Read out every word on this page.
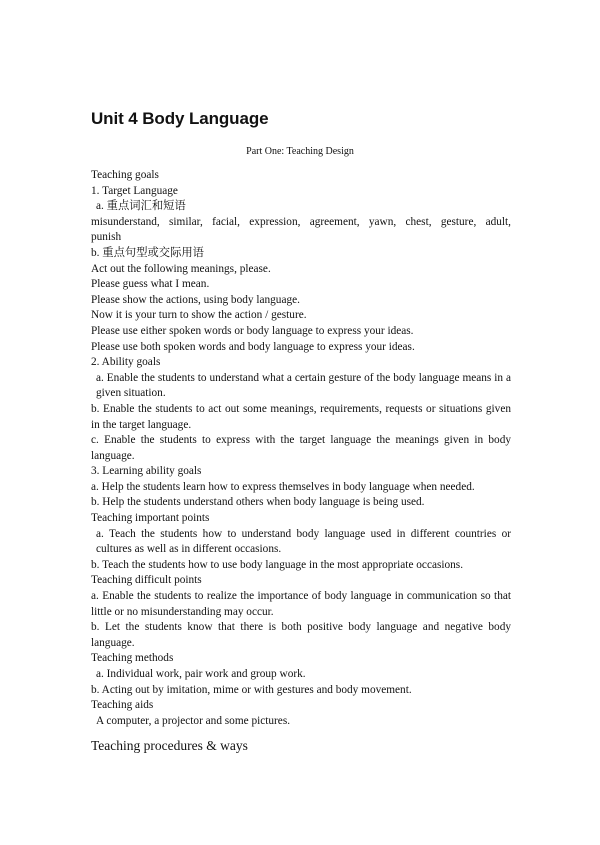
Unit 4 Body Language
Part One: Teaching Design
Teaching goals
1. Target Language
a. 重点词汇和短语
misunderstand, similar, facial, expression, agreement, yawn, chest, gesture, adult,
punish
b. 重点句型或交际用语
Act out the following meanings, please.
Please guess what I mean.
Please show the actions, using body language.
Now it is your turn to show the action / gesture.
Please use either spoken words or body language to express your ideas.
Please use both spoken words and body language to express your ideas.
2. Ability goals
a. Enable the students to understand what a certain gesture of the body language means in a given situation.
b. Enable the students to act out some meanings, requirements, requests or situations given in the target language.
c. Enable the students to express with the target language the meanings given in body language.
3. Learning ability goals
a. Help the students learn how to express themselves in body language when needed.
b. Help the students understand others when body language is being used.
Teaching important points
a. Teach the students how to understand body language used in different countries or cultures as well as in different occasions.
b. Teach the students how to use body language in the most appropriate occasions.
Teaching difficult points
a. Enable the students to realize the importance of body language in communication so that little or no misunderstanding may occur.
b. Let the students know that there is both positive body language and negative body language.
Teaching methods
a. Individual work, pair work and group work.
b. Acting out by imitation, mime or with gestures and body movement.
Teaching aids
A computer, a projector and some pictures.
Teaching procedures & ways
